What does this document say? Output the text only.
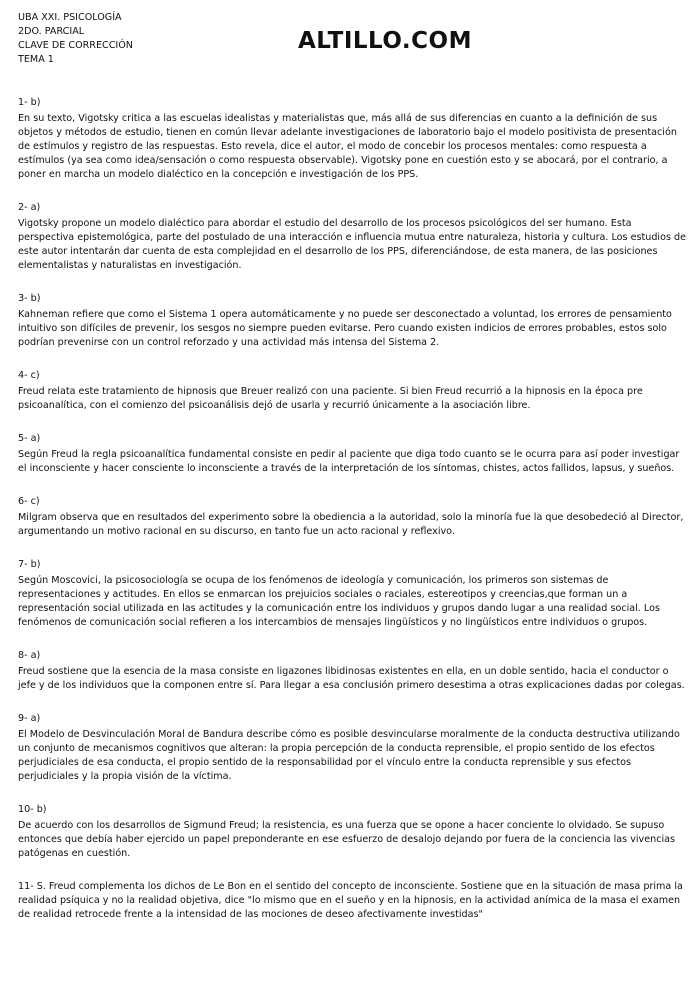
UBA XXI. PSICOLOGÍA
2DO. PARCIAL
CLAVE DE CORRECCIÓN
TEMA 1
ALTILLO.COM
1- b)
En su texto, Vigotsky critica a las escuelas idealistas y materialistas que, más allá de sus diferencias en cuanto a la definición de sus objetos y métodos de estudio, tienen en común llevar adelante investigaciones de laboratorio bajo el modelo positivista de presentación de estímulos y registro de las respuestas. Esto revela, dice el autor, el modo de concebir los procesos mentales: como respuesta a estímulos (ya sea como idea/sensación o como respuesta observable). Vigotsky pone en cuestión esto y se abocará, por el contrario, a poner en marcha un modelo dialéctico en la concepción e investigación de los PPS.
2- a)
Vigotsky propone un modelo dialéctico para abordar el estudio del desarrollo de los procesos psicológicos del ser humano. Esta perspectiva epistemológica, parte del postulado de una interacción e influencia mutua entre naturaleza, historia y cultura. Los estudios de este autor intentarán dar cuenta de esta complejidad en el desarrollo de los PPS, diferenciándose, de esta manera, de las posiciones elementalistas y naturalistas en investigación.
3- b)
Kahneman refiere que como el Sistema 1 opera automáticamente y no puede ser desconectado a voluntad, los errores de pensamiento intuitivo son difíciles de prevenir, los sesgos no siempre pueden evitarse. Pero cuando existen indicios de errores probables, estos solo podrían prevenirse con un control reforzado y una actividad más intensa del Sistema 2.
4- c)
Freud relata este tratamiento de hipnosis que Breuer realizó con una paciente. Si bien Freud recurrió a la hipnosis en la época pre psicoanalítica, con el comienzo del psicoanálisis dejó de usarla y recurrió únicamente a la asociación libre.
5- a)
Según Freud la regla psicoanalítica fundamental consiste en pedir al paciente que diga todo cuanto se le ocurra para así poder investigar el inconsciente y hacer consciente lo inconsciente a través de la interpretación de los síntomas, chistes, actos fallidos, lapsus, y sueños.
6- c)
Milgram observa que en resultados del experimento sobre la obediencia a la autoridad, solo la minoría fue la que desobedeció al Director, argumentando un motivo racional en su discurso, en tanto fue un acto racional y reflexivo.
7- b)
Según Moscovici, la psicosociología se ocupa de los fenómenos de ideología y comunicación, los primeros son sistemas de representaciones y actitudes. En ellos se enmarcan los prejuicios sociales o raciales, estereotipos y creencias,que forman un a representación social utilizada en las actitudes y la comunicación entre los individuos y grupos dando lugar a una realidad social. Los fenómenos de comunicación social refieren a los intercambios de mensajes lingüísticos y no lingüísticos entre individuos o grupos.
8- a)
Freud sostiene que la esencia de la masa consiste en ligazones libidinosas existentes en ella, en un doble sentido, hacia el conductor o jefe y de los individuos que la componen entre sí. Para llegar a esa conclusión primero desestima a otras explicaciones dadas por colegas.
9- a)
El Modelo de Desvinculación Moral de Bandura describe cómo es posible desvincularse moralmente de la conducta destructiva utilizando un conjunto de mecanismos cognitivos que alteran: la propia percepción de la conducta reprensible, el propio sentido de los efectos perjudiciales de esa conducta, el propio sentido de la responsabilidad por el vínculo entre la conducta reprensible y sus efectos perjudiciales y la propia visión de la víctima.
10- b)
De acuerdo con los desarrollos de Sigmund Freud; la resistencia, es una fuerza que se opone a hacer conciente lo olvidado. Se supuso entonces que debía haber ejercido un papel preponderante en ese esfuerzo de desalojo dejando por fuera de la conciencia las vivencias patógenas en cuestión.
11- S. Freud complementa los dichos de Le Bon en el sentido del concepto de inconsciente. Sostiene que en la situación de masa prima la realidad psíquica y no la realidad objetiva, dice "lo mismo que en el sueño y en la hipnosis, en la actividad anímica de la masa el examen de realidad retrocede frente a la intensidad de las mociones de deseo afectivamente investidas"
